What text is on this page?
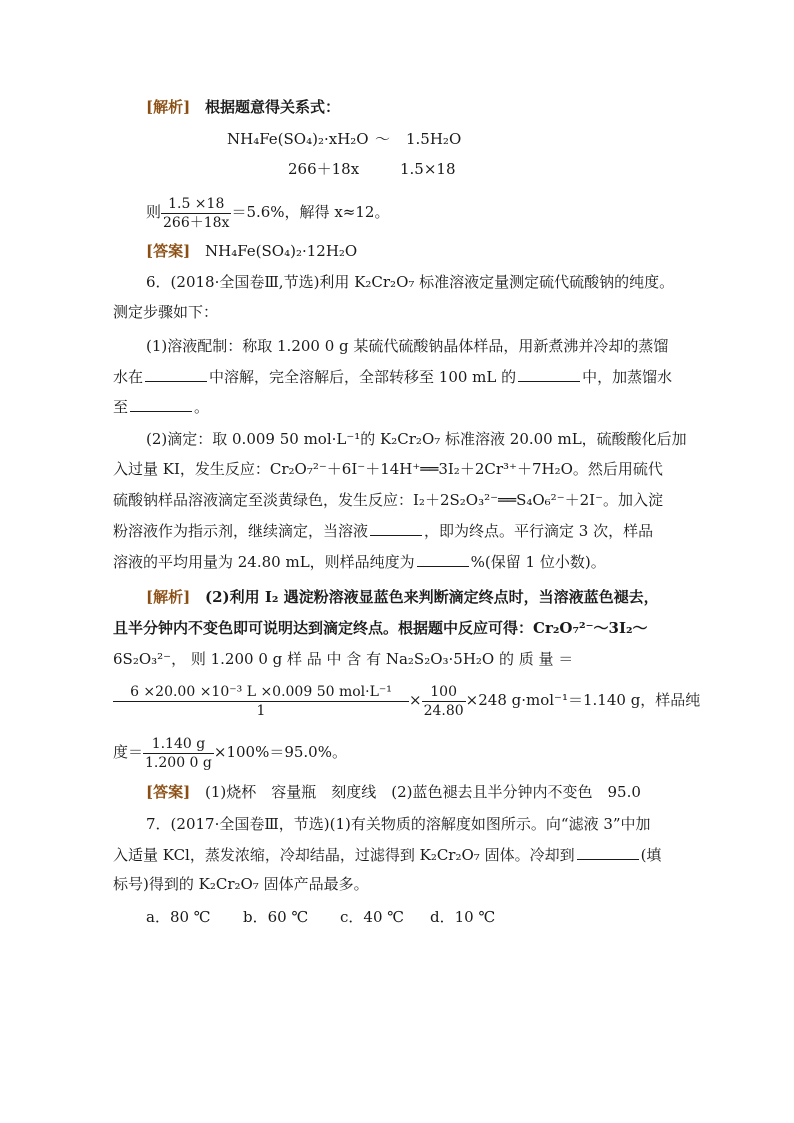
[解析] 根据题意得关系式：
NH₄Fe(SO₄)₂·xH₂O ～ 1.5H₂O
266＋18x	1.5×18
则 $\frac{1.5 \times 18}{266+18x} =5.6\%$，解得 x≈12。
[答案] NH₄Fe(SO₄)₂·12H₂O
6．(2018·全国卷Ⅲ,节选)利用 K₂Cr₂O₇ 标准溶液定量测定硫代硫酸钠的纯度。
测定步骤如下：
(1)溶液配制：称取 1.200 0 g 某硫代硫酸钠晶体样品，用新煮沸并冷却的蒸馏
水在	中溶解，完全溶解后，全部转移至 100 mL 的	中，加蒸馏水
至	。
(2)滴定：取 0.009 50 mol·L⁻¹的 K₂Cr₂O₇ 标准溶液 20.00 mL，硫酸酸化后加
入过量 KI，发生反应：Cr₂O₇²⁻＋6I⁻＋14H⁺══3I₂＋2Cr³⁺＋7H₂O。然后用硫代
硫酸钠样品溶液滴定至淡黄绿色，发生反应：I₂＋2S₂O₃²⁻══S₄O₆²⁻＋2I⁻。加入淀
粉溶液作为指示剂，继续滴定，当溶液	，即为终点。平行滴定 3 次，样品
溶液的平均用量为 24.80 mL，则样品纯度为	%(保留 1 位小数)。
[解析] (2)利用 I₂ 遇淀粉溶液显蓝色来判断滴定终点时，当溶液蓝色褪去，
且半分钟内不变色即可说明达到滴定终点。根据题中反应可得：Cr₂O₇²⁻～3I₂～
6S₂O₃²⁻， 则 1.200 0 g 样 品 中 含 有 Na₂S₂O₃·5H₂O 的 质 量 ＝
$\frac{\text{6 ×20.00 ×10⁻³ L ×0.009 50 mol·L⁻¹}}{1} \times \frac{100}{24.80} \times 248$ g·mol⁻¹＝1.140 g，样品纯
度＝ $\frac{1.140 g}{1.200 0 g} \times 100\%=95.0\%$。
[答案] (1)烧杯　容量瓶　刻度线　(2)蓝色褪去且半分钟内不变色　95.0
7．(2017·全国卷Ⅲ，节选)(1)有关物质的溶解度如图所示。向“滤液 3”中加
入适量 KCl，蒸发浓缩，冷却结晶，过滤得到 K₂Cr₂O₇ 固体。冷却到	(填
标号)得到的 K₂Cr₂O₇ 固体产品最多。
a．80 ℃ b．60 ℃ c．40 ℃ d．10 ℃
